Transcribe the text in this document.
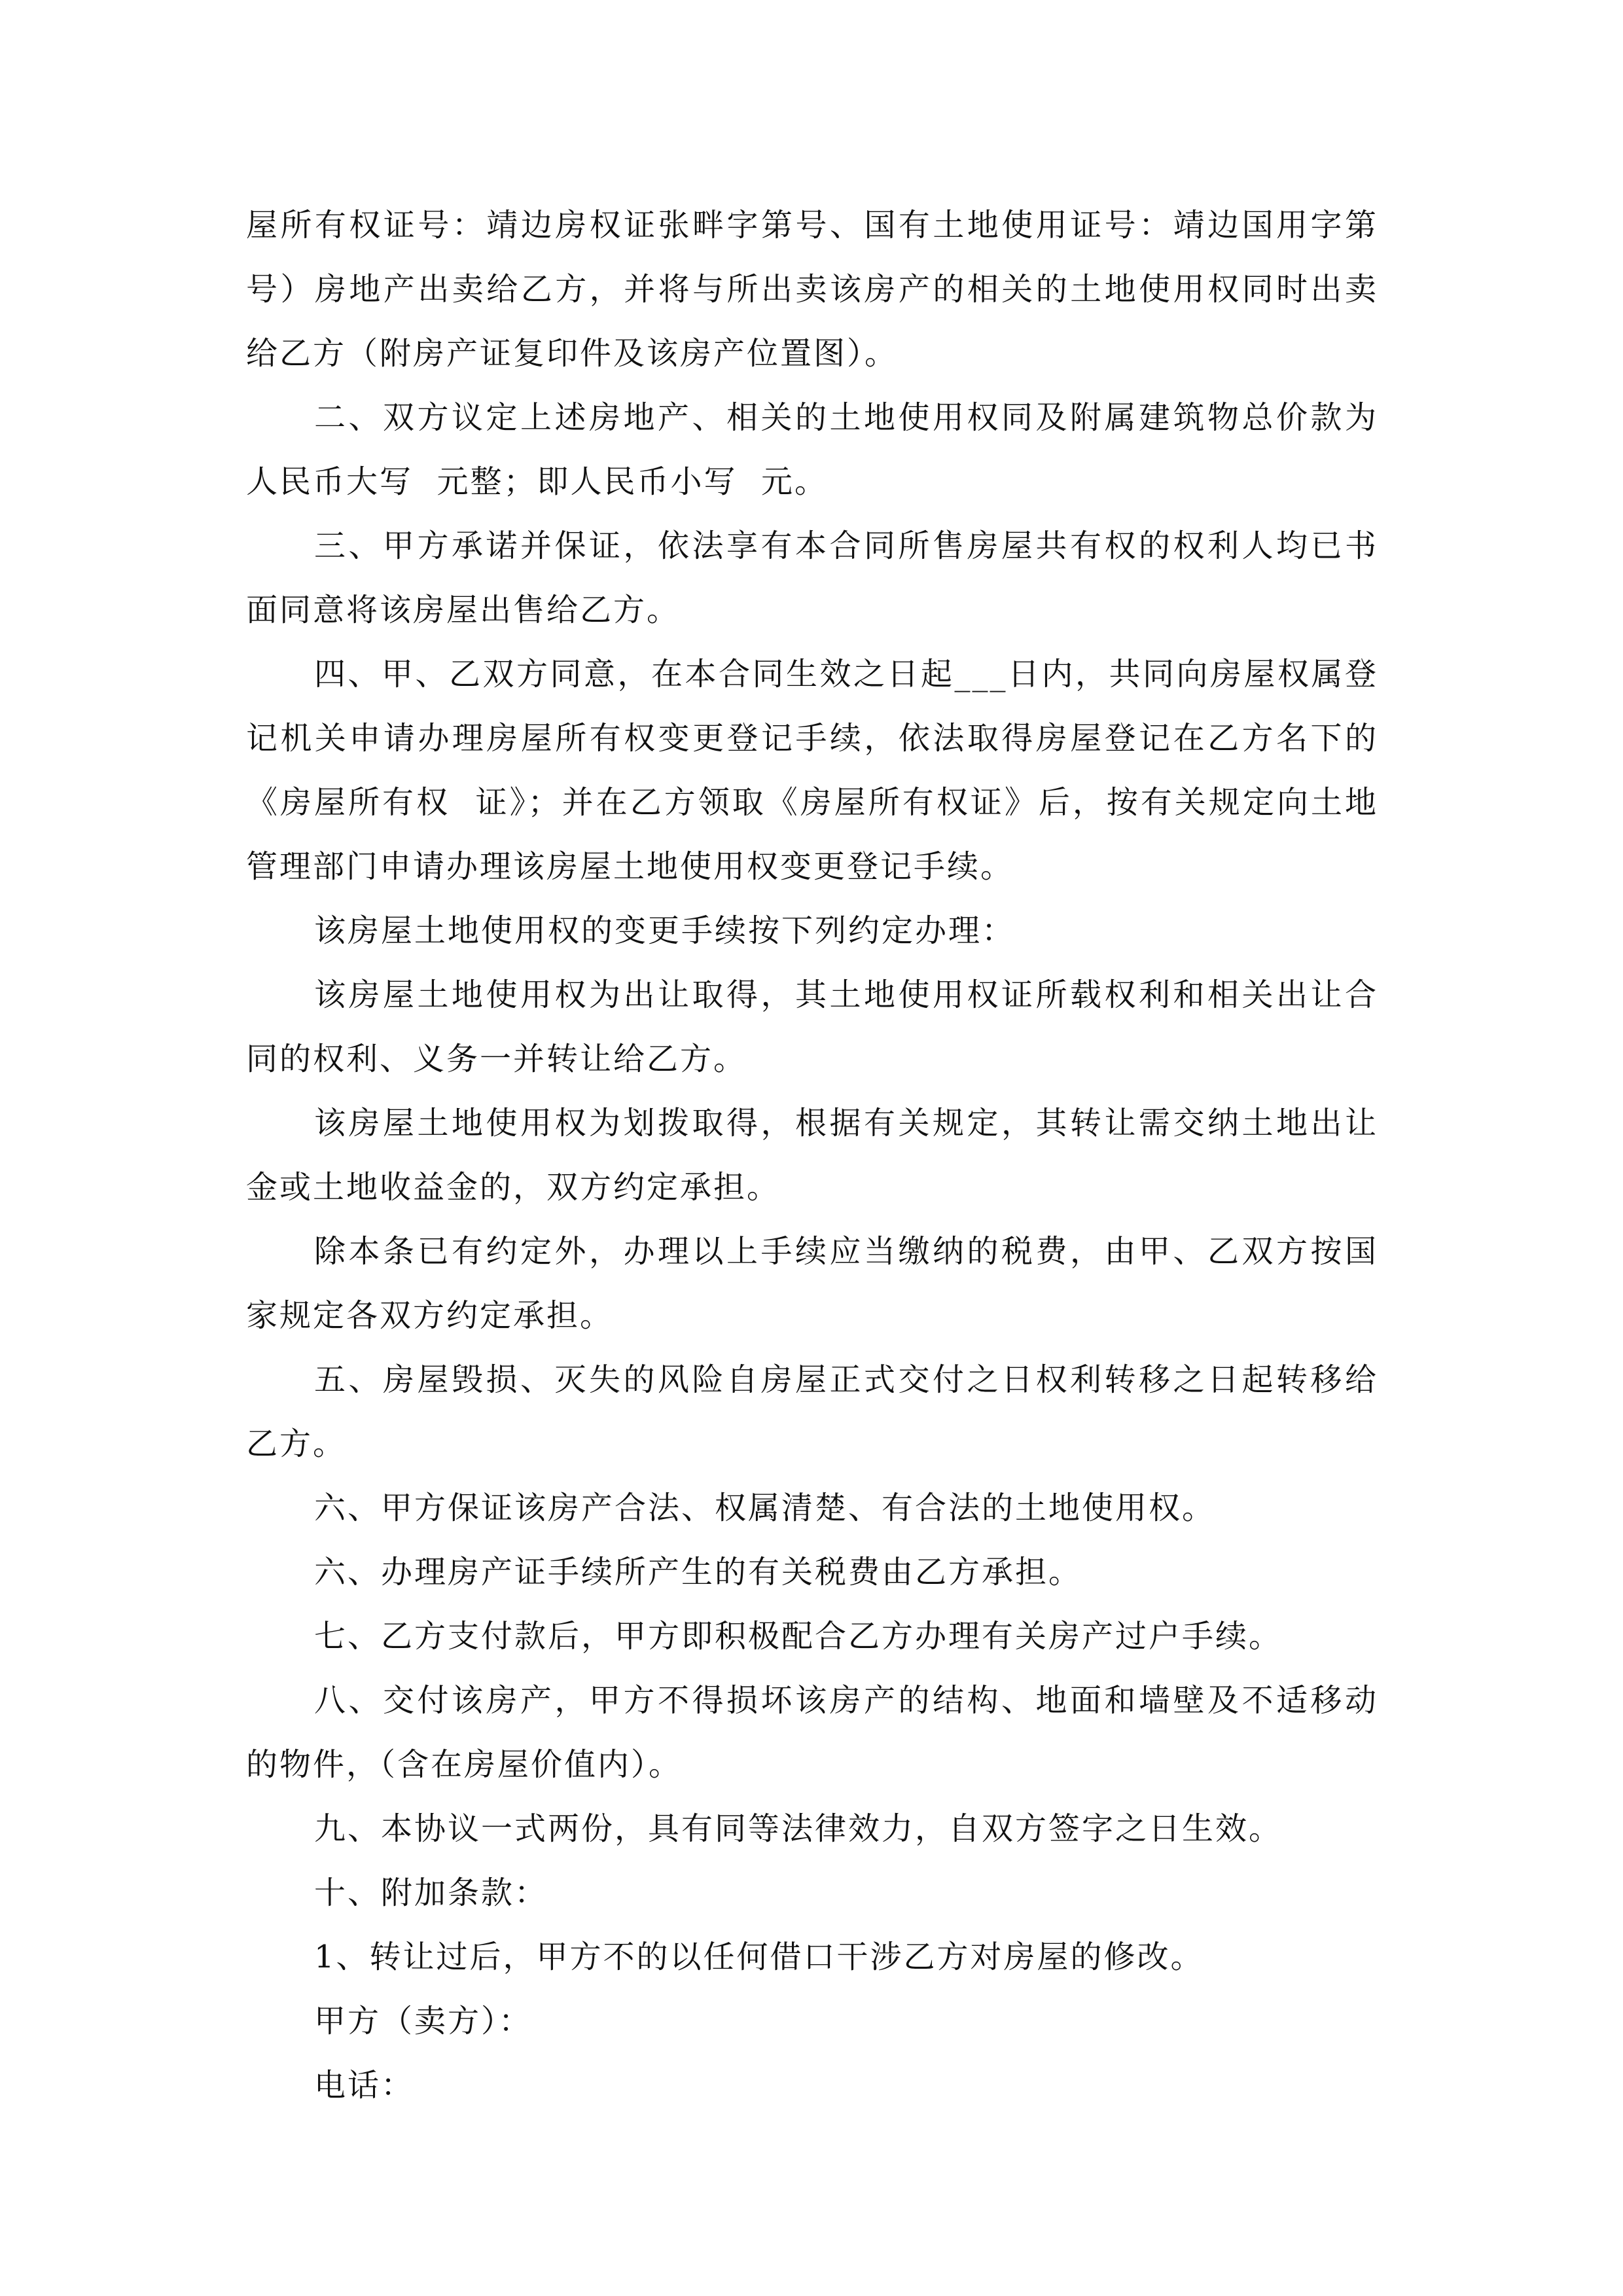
屋所有权证号：靖边房权证张畔字第号、国有土地使用证号：靖边国用字第号）房地产出卖给乙方，并将与所出卖该房产的相关的土地使用权同时出卖给乙方（附房产证复印件及该房产位置图）。

二、双方议定上述房地产、相关的土地使用权同及附属建筑物总价款为人民币大写  元整；即人民币小写  元。

三、甲方承诺并保证，依法享有本合同所售房屋共有权的权利人均已书面同意将该房屋出售给乙方。

四、甲、乙双方同意，在本合同生效之日起___日内，共同向房屋权属登记机关申请办理房屋所有权变更登记手续，依法取得房屋登记在乙方名下的《房屋所有权  证》；并在乙方领取《房屋所有权证》后，按有关规定向土地管理部门申请办理该房屋土地使用权变更登记手续。

该房屋土地使用权的变更手续按下列约定办理：

该房屋土地使用权为出让取得，其土地使用权证所载权利和相关出让合同的权利、义务一并转让给乙方。

该房屋土地使用权为划拨取得，根据有关规定，其转让需交纳土地出让金或土地收益金的，双方约定承担。

除本条已有约定外，办理以上手续应当缴纳的税费，由甲、乙双方按国家规定各双方约定承担。

五、房屋毁损、灭失的风险自房屋正式交付之日权利转移之日起转移给乙方。

六、甲方保证该房产合法、权属清楚、有合法的土地使用权。

六、办理房产证手续所产生的有关税费由乙方承担。

七、乙方支付款后，甲方即积极配合乙方办理有关房产过户手续。

八、交付该房产，甲方不得损坏该房产的结构、地面和墙壁及不适移动的物件，（含在房屋价值内）。

九、本协议一式两份，具有同等法律效力，自双方签字之日生效。

十、附加条款：

1、转让过后，甲方不的以任何借口干涉乙方对房屋的修改。

甲方（卖方）：

电话：
